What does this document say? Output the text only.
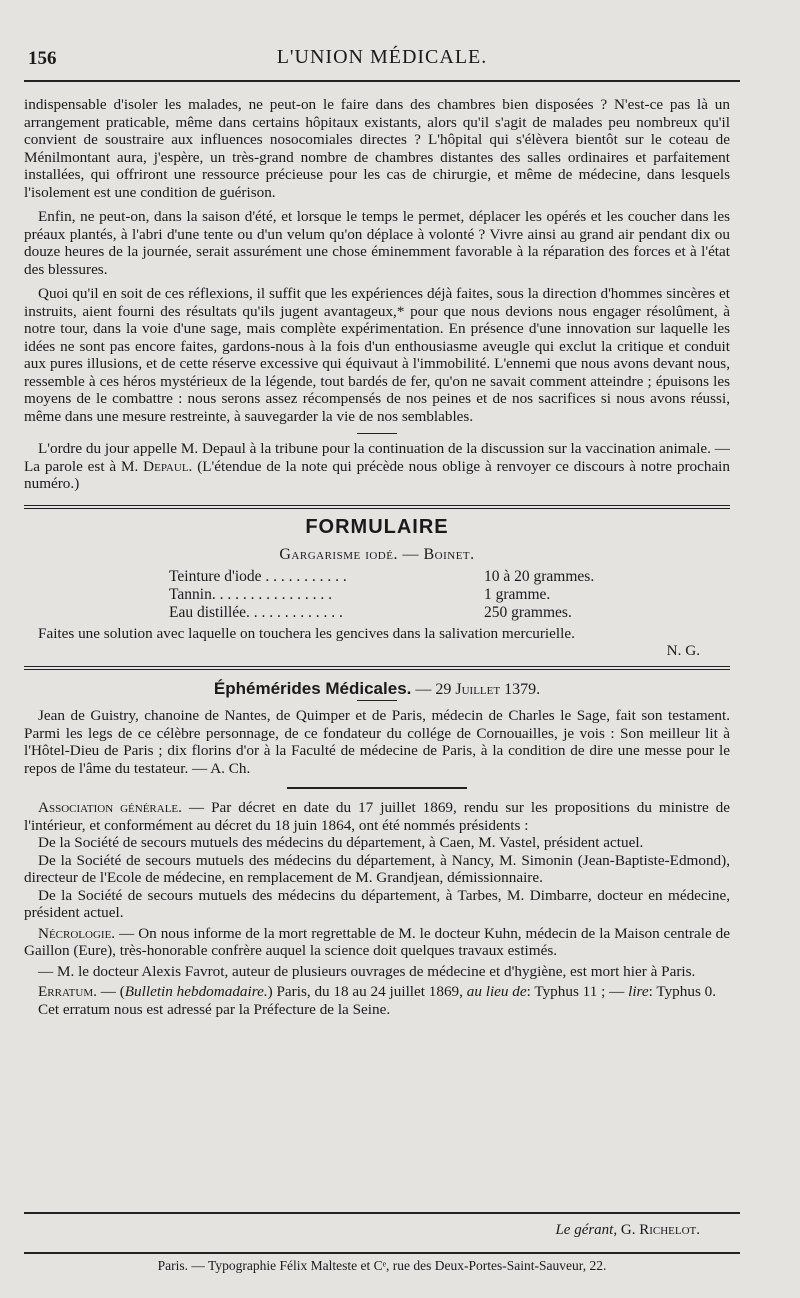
156	L'UNION MÉDICALE.

indispensable d'isoler les malades, ne peut-on le faire dans des chambres bien disposées ? N'est-ce pas là un arrangement praticable, même dans certains hôpitaux existants, alors qu'il s'agit de malades peu nombreux qu'il convient de soustraire aux influences nosocomiales directes ? L'hôpital qui s'élèvera bientôt sur le coteau de Ménilmontant aura, j'espère, un très-grand nombre de chambres distantes des salles ordinaires et parfaitement installées, qui offriront une ressource précieuse pour les cas de chirurgie, et même de médecine, dans lesquels l'isolement est une condition de guérison.

Enfin, ne peut-on, dans la saison d'été, et lorsque le temps le permet, déplacer les opérés et les coucher dans les préaux plantés, à l'abri d'une tente ou d'un velum qu'on déplace à volonté ? Vivre ainsi au grand air pendant dix ou douze heures de la journée, serait assurément une chose éminemment favorable à la réparation des forces et à l'état des blessures.

Quoi qu'il en soit de ces réflexions, il suffit que les expériences déjà faites, sous la direction d'hommes sincères et instruits, aient fourni des résultats qu'ils jugent avantageux,* pour que nous devions nous engager résolûment, à notre tour, dans la voie d'une sage, mais complète expérimentation. En présence d'une innovation sur laquelle les idées ne sont pas encore faites, gardons-nous à la fois d'un enthousiasme aveugle qui exclut la critique et conduit aux pures illusions, et de cette réserve excessive qui équivaut à l'immobilité. L'ennemi que nous avons devant nous, ressemble à ces héros mystérieux de la légende, tout bardés de fer, qu'on ne savait comment atteindre ; épuisons les moyens de le combattre : nous serons assez récompensés de nos peines et de nos sacrifices si nous avons réussi, même dans une mesure restreinte, à sauvegarder la vie de nos semblables.

L'ordre du jour appelle M. Depaul à la tribune pour la continuation de la discussion sur la vaccination animale. — La parole est à M. Depaul. (L'étendue de la note qui précède nous oblige à renvoyer ce discours à notre prochain numéro.)

FORMULAIRE
Gargarisme iodé. — Boinet.
Teinture d'iode . . . . . . . . . . .	10 à 20 grammes.
Tannin. . . . . . . . . . . . . . . .	1 gramme.
Eau distillée. . . . . . . . . . . . .	250 grammes.

Faites une solution avec laquelle on touchera les gencives dans la salivation mercurielle.

N. G.

Éphémérides Médicales. — 29 Juillet 1379.

Jean de Guistry, chanoine de Nantes, de Quimper et de Paris, médecin de Charles le Sage, fait son testament. Parmi les legs de ce célèbre personnage, de ce fondateur du collége de Cornouailles, je vois : Son meilleur lit à l'Hôtel-Dieu de Paris ; dix florins d'or à la Faculté de médecine de Paris, à la condition de dire une messe pour le repos de l'âme du testateur. — A. Ch.

Association générale. — Par décret en date du 17 juillet 1869, rendu sur les propositions du ministre de l'intérieur, et conformément au décret du 18 juin 1864, ont été nommés présidents :

De la Société de secours mutuels des médecins du département, à Caen, M. Vastel, président actuel.

De la Société de secours mutuels des médecins du département, à Nancy, M. Simonin (Jean-Baptiste-Edmond), directeur de l'Ecole de médecine, en remplacement de M. Grandjean, démissionnaire.

De la Société de secours mutuels des médecins du département, à Tarbes, M. Dimbarre, docteur en médecine, président actuel.

Nécrologie. — On nous informe de la mort regrettable de M. le docteur Kuhn, médecin de la Maison centrale de Gaillon (Eure), très-honorable confrère auquel la science doit quelques travaux estimés.

— M. le docteur Alexis Favrot, auteur de plusieurs ouvrages de médecine et d'hygiène, est mort hier à Paris.

Erratum. — (Bulletin hebdomadaire.) Paris, du 18 au 24 juillet 1869, au lieu de: Typhus 11 ; — lire: Typhus 0.

Cet erratum nous est adressé par la Préfecture de la Seine.

Le gérant, G. Richelot.
Paris. — Typographie Félix Malteste et Cᵉ, rue des Deux-Portes-Saint-Sauveur, 22.
